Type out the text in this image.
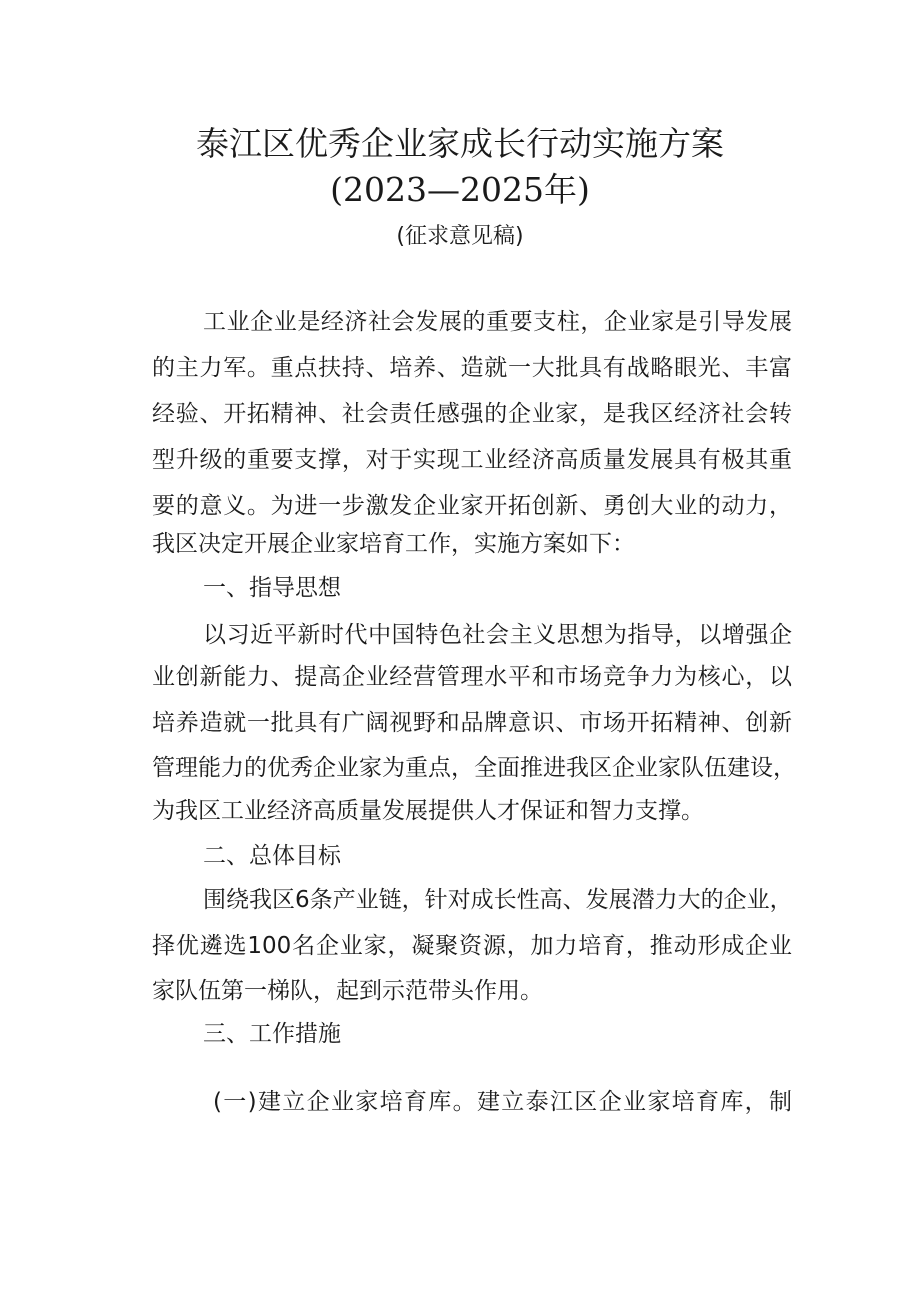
泰江区优秀企业家成长行动实施方案
(2023—2025年)
(征求意见稿)
工业企业是经济社会发展的重要支柱，企业家是引导发展
的主力军。重点扶持、培养、造就一大批具有战略眼光、丰富
经验、开拓精神、社会责任感强的企业家，是我区经济社会转
型升级的重要支撑，对于实现工业经济高质量发展具有极其重
要的意义。为进一步激发企业家开拓创新、勇创大业的动力，
我区决定开展企业家培育工作，实施方案如下：
一、指导思想
以习近平新时代中国特色社会主义思想为指导，以增强企
业创新能力、提高企业经营管理水平和市场竞争力为核心，以
培养造就一批具有广阔视野和品牌意识、市场开拓精神、创新
管理能力的优秀企业家为重点，全面推进我区企业家队伍建设，
为我区工业经济高质量发展提供人才保证和智力支撑。
二、总体目标
围绕我区6条产业链，针对成长性高、发展潜力大的企业，
择优遴选100名企业家，凝聚资源，加力培育，推动形成企业
家队伍第一梯队，起到示范带头作用。
三、工作措施
(一)建立企业家培育库。建立泰江区企业家培育库，制
